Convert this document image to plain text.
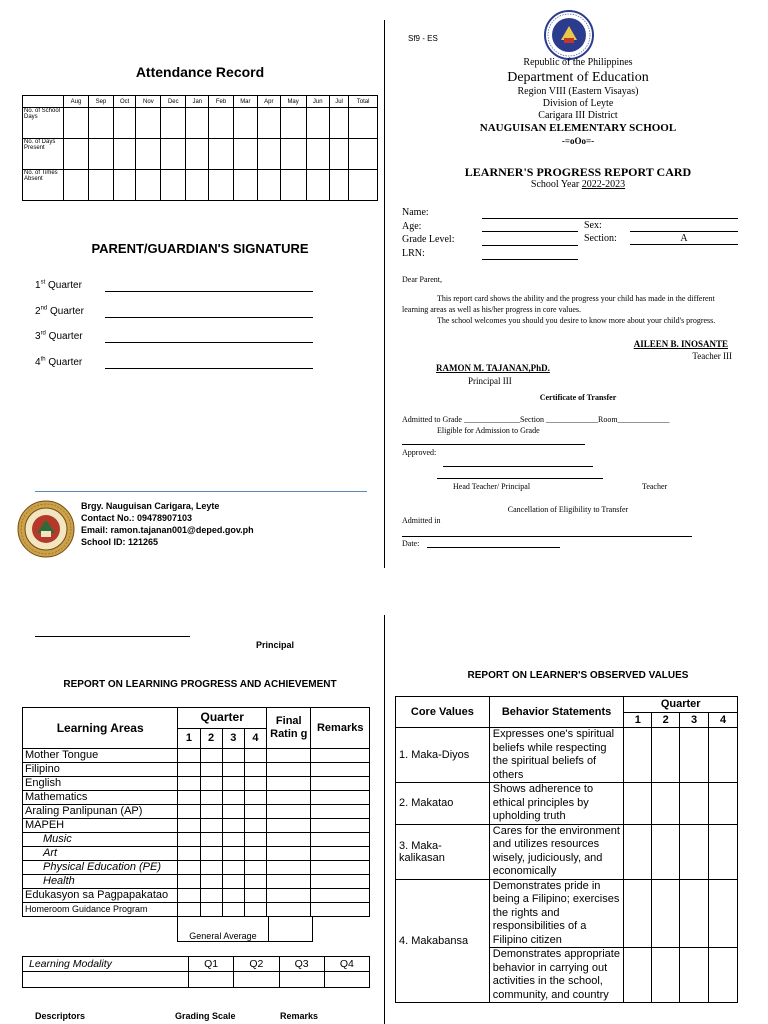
Attendance Record
	Aug	Sep	Oct	Nov	Dec	Jan	Feb	Mar	Apr	May	Jun	Jul	Total
No. of School Days													
No. of Days Present													
No. of Times Absent													
PARENT/GUARDIAN'S SIGNATURE
1st Quarter
2nd Quarter
3rd Quarter
4th Quarter
Brgy. Nauguisan Carigara, Leyte
Contact No.: 09478907103
Email: ramon.tajanan001@deped.gov.ph
School ID: 121265
Sf9 - ES
Republic of the Philippines
Department of Education
Region VIII (Eastern Visayas)
Division of Leyte
Carigara III District
NAUGUISAN ELEMENTARY SCHOOL
-=oOo=-
LEARNER'S PROGRESS REPORT CARD
School Year 2022-2023
Name:
Age:
Grade Level:
LRN:
Sex:
Section:	A
Dear Parent,
This report card shows the ability and the progress your child has made in the different learning areas as well as his/her progress in core values.
The school welcomes you should you desire to know more about your child's progress.
AILEEN B. INOSANTE
Teacher III
RAMON M. TAJANAN,PhD.
Principal III
Certificate of Transfer
Admitted to Grade ______________Section _____________Room_____________
Eligible for Admission to Grade
Approved:
Head Teacher/ Principal	Teacher
Cancellation of Eligibility to Transfer
Admitted in
Date:
Principal
REPORT ON LEARNING PROGRESS AND ACHIEVEMENT
Learning Areas	Quarter				Final Ratin g	Remarks
	1	2	3	4		
Mother Tongue						
Filipino						
English						
Mathematics						
Araling Panlipunan (AP)						
MAPEH						
Music						
Art						
Physical Education (PE)						
Health						
Edukasyon sa Pagpapakatao						
Homeroom Guidance Program						
General Average
Learning Modality	Q1	Q2	Q3	Q4

Descriptors	Grading Scale	Remarks
REPORT ON LEARNER'S OBSERVED VALUES
Core Values	Behavior Statements	Quarter			
		1	2	3	4
1. Maka-Diyos	Expresses one's spiritual beliefs while respecting the spiritual beliefs of others				
2. Makatao	Shows adherence to ethical principles by upholding truth				
3. Maka-kalikasan	Cares for the environment and utilizes resources wisely, judiciously, and economically				
4. Makabansa	Demonstrates pride in being a Filipino; exercises the rights and responsibilities of a Filipino citizen				
	Demonstrates appropriate behavior in carrying out activities in the school, community, and country				
